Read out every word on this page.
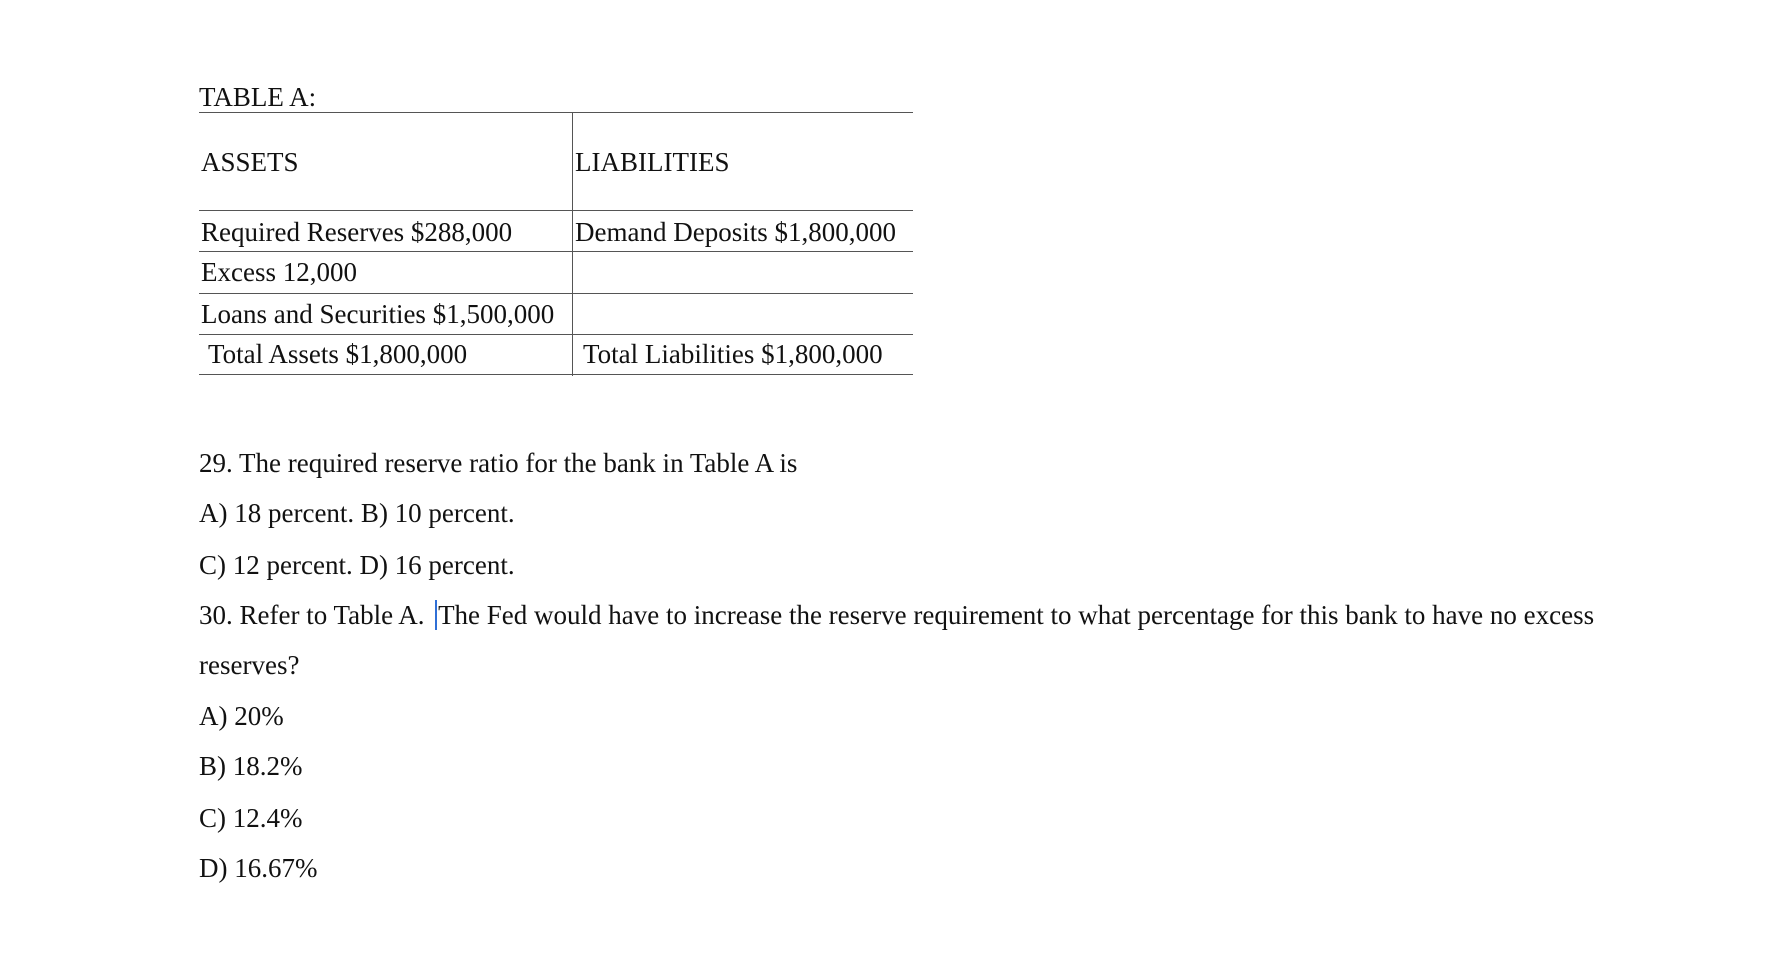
TABLE A:
ASSETS	LIABILITIES
Required Reserves $288,000 Demand Deposits $1,800,000
Excess 12,000
Loans and Securities $1,500,000
Total Assets $1,800,000	Total Liabilities $1,800,000
29. The required reserve ratio for the bank in Table A is
A) 18 percent. B) 10 percent.
C) 12 percent. D) 16 percent.
30. Refer to Table A. The Fed would have to increase the reserve requirement to what percentage for this bank to have no excess
reserves?
A) 20%
B) 18.2%
C) 12.4%
D) 16.67%
